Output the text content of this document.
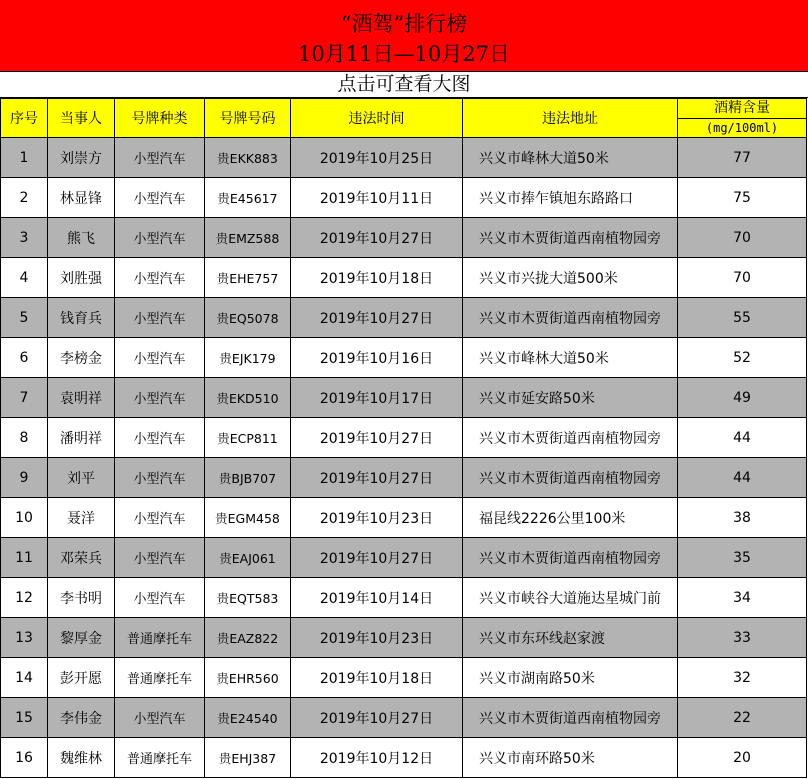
“酒驾”排行榜
10月11日—10月27日
点击可查看大图
序号	当事人	号牌种类	号牌号码	违法时间	违法地址	酒精含量
(mg/100ml)

1	刘崇方	小型汽车	贵EKK883	2019年10月25日	兴义市峰林大道50米	77
2	林显锋	小型汽车	贵E45617	2019年10月11日	兴义市捧乍镇旭东路路口	75
3	熊飞	小型汽车	贵EMZ588	2019年10月27日	兴义市木贾街道西南植物园旁	70
4	刘胜强	小型汽车	贵EHE757	2019年10月18日	兴义市兴拢大道500米	70
5	钱育兵	小型汽车	贵EQ5078	2019年10月27日	兴义市木贾街道西南植物园旁	55
6	李榜金	小型汽车	贵EJK179	2019年10月16日	兴义市峰林大道50米	52
7	袁明祥	小型汽车	贵EKD510	2019年10月17日	兴义市延安路50米	49
8	潘明祥	小型汽车	贵ECP811	2019年10月27日	兴义市木贾街道西南植物园旁	44
9	刘平	小型汽车	贵BJB707	2019年10月27日	兴义市木贾街道西南植物园旁	44
10	聂洋	小型汽车	贵EGM458	2019年10月23日	福昆线2226公里100米	38
11	邓荣兵	小型汽车	贵EAJ061	2019年10月27日	兴义市木贾街道西南植物园旁	35
12	李书明	小型汽车	贵EQT583	2019年10月14日	兴义市峡谷大道施达星城门前	34
13	黎厚金	普通摩托车	贵EAZ822	2019年10月23日	兴义市东环线赵家渡	33
14	彭开愿	普通摩托车	贵EHR560	2019年10月18日	兴义市湖南路50米	32
15	李伟金	小型汽车	贵E24540	2019年10月27日	兴义市木贾街道西南植物园旁	22
16	魏维林	普通摩托车	贵EHJ387	2019年10月12日	兴义市南环路50米	20
